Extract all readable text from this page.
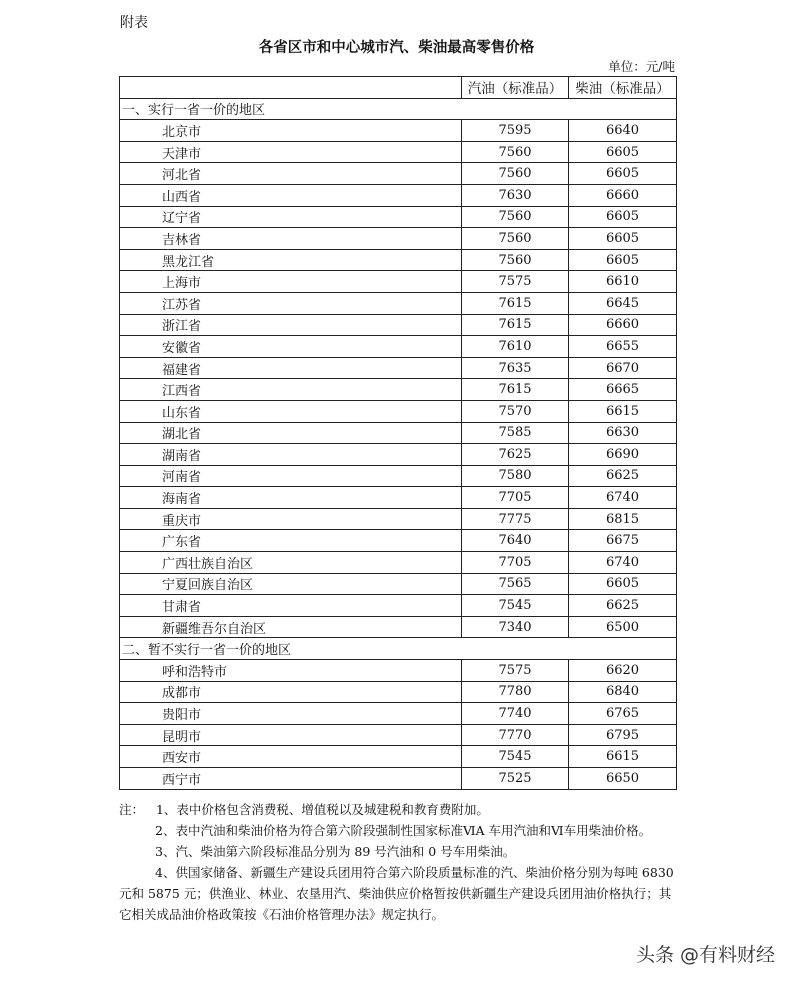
附表
各省区市和中心城市汽、柴油最高零售价格
单位：元/吨
	汽油（标准品）	柴油（标准品）
一、实行一省一价的地区		
北京市	7595	6640
天津市	7560	6605
河北省	7560	6605
山西省	7630	6660
辽宁省	7560	6605
吉林省	7560	6605
黑龙江省	7560	6605
上海市	7575	6610
江苏省	7615	6645
浙江省	7615	6660
安徽省	7610	6655
福建省	7635	6670
江西省	7615	6665
山东省	7570	6615
湖北省	7585	6630
湖南省	7625	6690
河南省	7580	6625
海南省	7705	6740
重庆市	7775	6815
广东省	7640	6675
广西壮族自治区	7705	6740
宁夏回族自治区	7565	6605
甘肃省	7545	6625
新疆维吾尔自治区	7340	6500
二、暂不实行一省一价的地区		
呼和浩特市	7575	6620
成都市	7780	6840
贵阳市	7740	6765
昆明市	7770	6795
西安市	7545	6615
西宁市	7525	6650

注： 1、表中价格包含消费税、增值税以及城建税和教育费附加。

2、表中汽油和柴油价格为符合第六阶段强制性国家标准ⅥA 车用汽油和Ⅵ车用柴油价格。

3、汽、柴油第六阶段标准品分别为 89 号汽油和 0 号车用柴油。

4、供国家储备、新疆生产建设兵团用符合第六阶段质量标准的汽、柴油价格分别为每吨 6830 元和 5875 元；供渔业、林业、农垦用汽、柴油供应价格暂按供新疆生产建设兵团用油价格执行；其它相关成品油价格政策按《石油价格管理办法》规定执行。

头条 @有料财经
